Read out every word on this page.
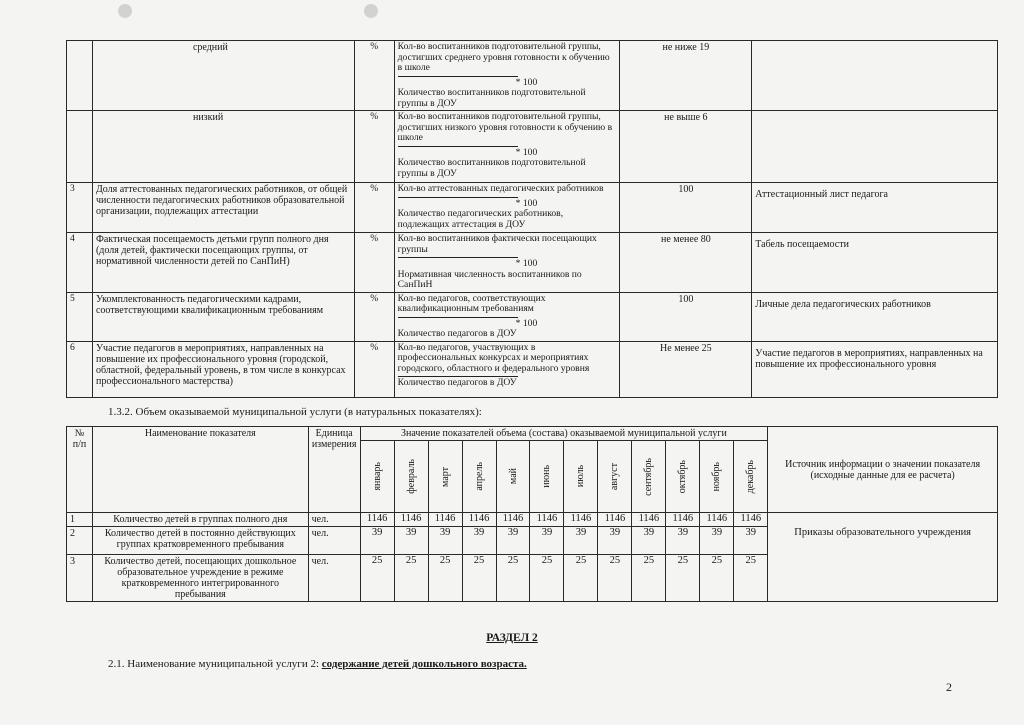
	средний	%	Кол-во воспитанников подготовительной группы, достигших среднего уровня готовности к обучению в школе
* 100
Количество воспитанников подготовительной группы в ДОУ	не ниже 19	
	низкий	%	Кол-во воспитанников подготовительной группы, достигших низкого уровня готовности к обучению в школе
* 100
Количество воспитанников подготовительной группы в ДОУ	не выше 6	
3	Доля аттестованных педагогических работников, от общей численности педагогических работников образовательной организации, подлежащих аттестации	%	Кол-во аттестованных педагогических работников
* 100
Количество педагогических работников, подлежащих аттестация в ДОУ	100	Аттестационный лист педагога
4	Фактическая посещаемость детьми групп полного дня (доля детей, фактически посещающих группы, от нормативной численности детей по СанПиН)	%	Кол-во воспитанников фактически посещающих группы
* 100
Нормативная численность воспитанников по СанПиН	не менее 80	Табель посещаемости
5	Укомплектованность педагогическими кадрами, соответствующими квалификационным требованиям	%	Кол-во педагогов, соответствующих квалификационным требованиям
* 100
Количество педагогов в ДОУ	100	Личные дела педагогических работников
6	Участие педагогов в мероприятиях, направленных на повышение их профессионального уровня (городской, областной, федеральный уровень, в том числе в конкурсах профессионального мастерства)	%	Кол-во педагогов, участвующих в профессиональных конкурсах и мероприятиях городского, областного и федерального уровня
Количество педагогов в ДОУ	Не менее 25	Участие педагогов в мероприятиях, направленных на повышение их профессионального уровня
1.3.2. Объем оказываемой муниципальной услуги (в натуральных показателях):
№ п/п	Наименование показателя	Единица измерения	Значение показателей объема (состава) оказываемой муниципальной услуги												Источник информации о значении показателя (исходные данные для ее расчета)

			январь	февраль	март	апрель	май	июнь	июль	август	сентябрь	октябрь	ноябрь	декабрь	

1	Количество детей в группах полного дня	чел.	1146	1146	1146	1146	1146	1146	1146	1146	1146	1146	1146	1146	Приказы образовательного учреждения
2	Количество детей в постоянно действующих группах кратковременного пребывания	чел.	39	39	39	39	39	39	39	39	39	39	39	39	
3	Количество детей, посещающих дошкольное образовательное учреждение в режиме кратковременного интегрированного пребывания	чел.	25	25	25	25	25	25	25	25	25	25	25	25	
РАЗДЕЛ 2
2.1. Наименование муниципальной услуги 2: содержание детей дошкольного возраста.
2
